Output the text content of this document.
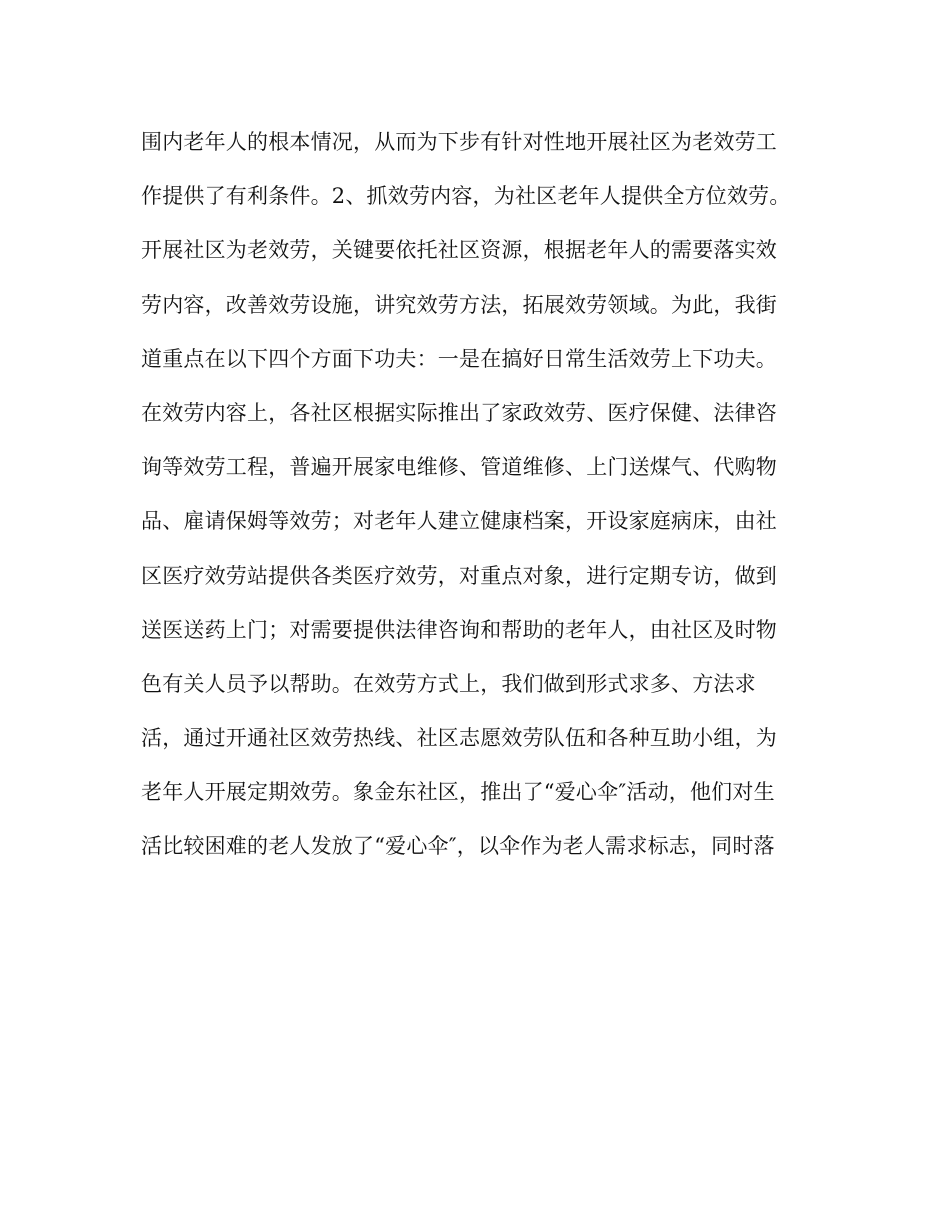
围内老年人的根本情况，从而为下步有针对性地开展社区为老效劳工
作提供了有利条件。2、抓效劳内容，为社区老年人提供全方位效劳。
开展社区为老效劳，关键要依托社区资源，根据老年人的需要落实效
劳内容，改善效劳设施，讲究效劳方法，拓展效劳领域。为此，我街
道重点在以下四个方面下功夫：一是在搞好日常生活效劳上下功夫。
在效劳内容上，各社区根据实际推出了家政效劳、医疗保健、法律咨
询等效劳工程，普遍开展家电维修、管道维修、上门送煤气、代购物
品、雇请保姆等效劳；对老年人建立健康档案，开设家庭病床，由社
区医疗效劳站提供各类医疗效劳，对重点对象，进行定期专访，做到
送医送药上门；对需要提供法律咨询和帮助的老年人，由社区及时物
色有关人员予以帮助。在效劳方式上，我们做到形式求多、方法求
活，通过开通社区效劳热线、社区志愿效劳队伍和各种互助小组，为
老年人开展定期效劳。象金东社区，推出了“爱心伞″活动，他们对生
活比较困难的老人发放了“爱心伞″，以伞作为老人需求标志，同时落
